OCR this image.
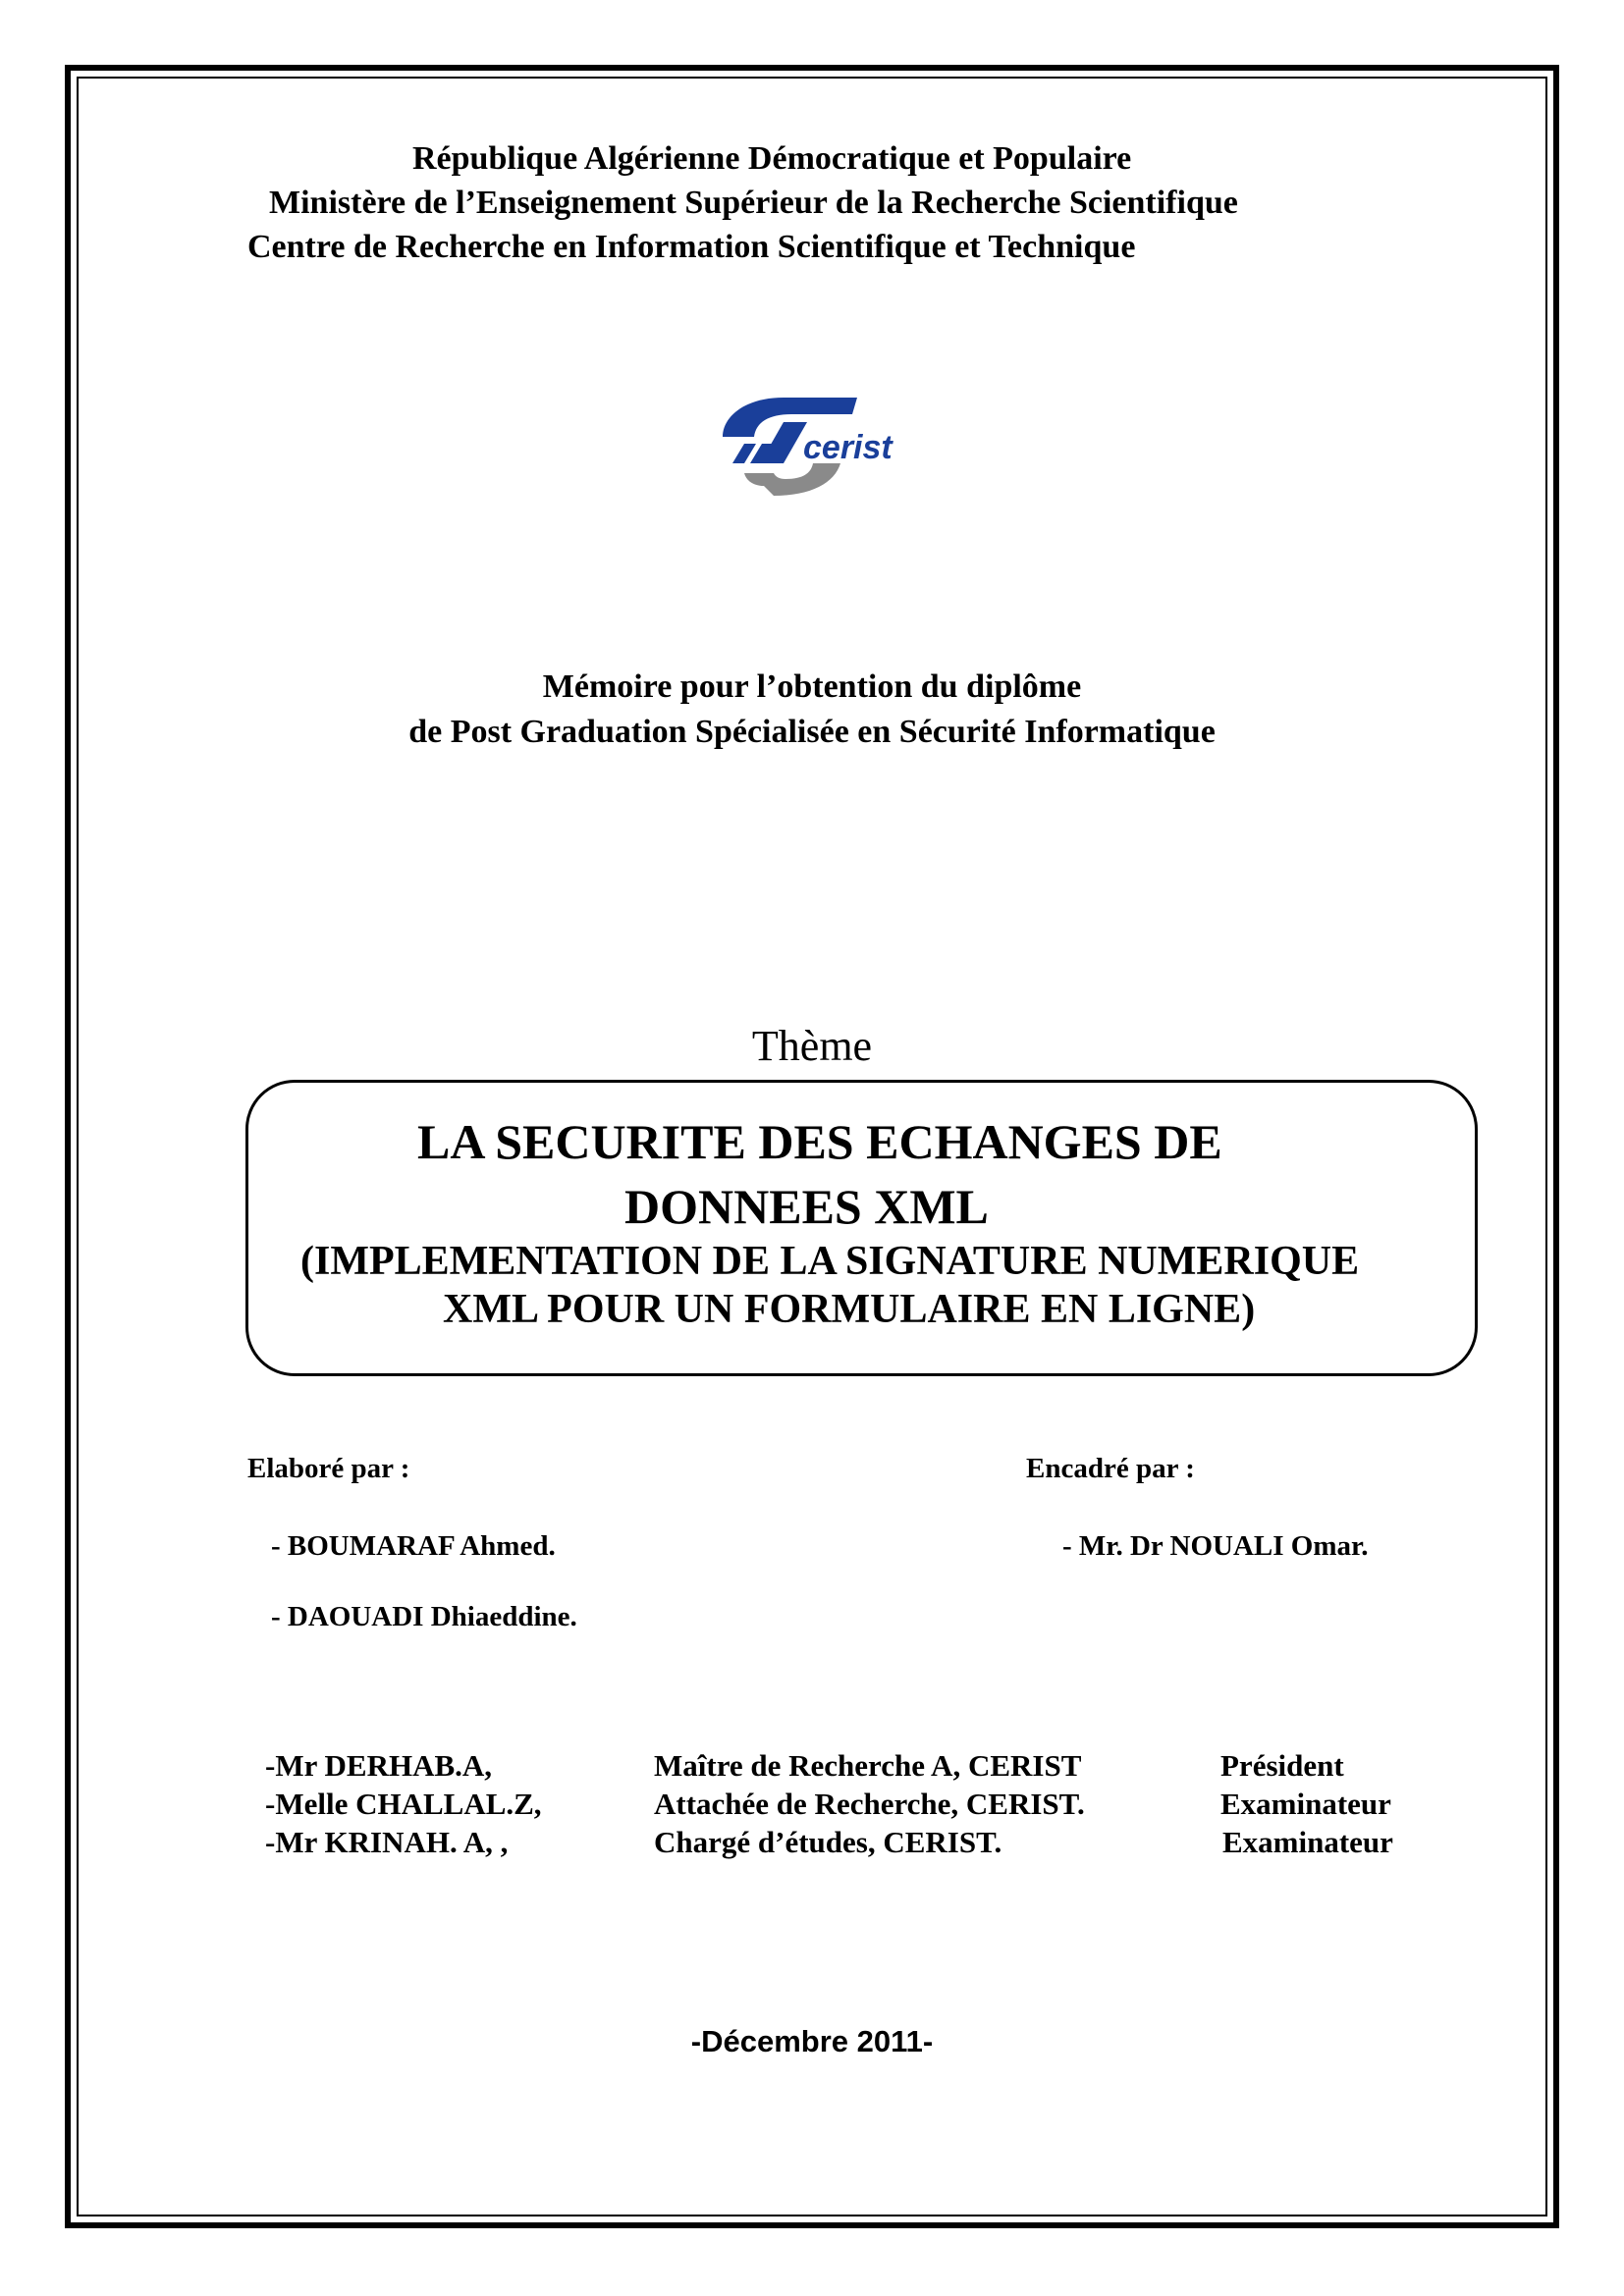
République Algérienne Démocratique et Populaire
Ministère de l’Enseignement Supérieur de la Recherche Scientifique
Centre de Recherche en Information Scientifique et Technique
cerist
Mémoire pour l’obtention du diplôme
de Post Graduation Spécialisée en Sécurité Informatique
Thème
LA SECURITE DES ECHANGES DE
DONNEES XML
(IMPLEMENTATION DE LA SIGNATURE NUMERIQUE
XML POUR UN FORMULAIRE EN LIGNE)
Elaboré par :	Encadré par :
- BOUMARAF Ahmed.	- Mr. Dr NOUALI Omar.
- DAOUADI Dhiaeddine.
-Mr DERHAB.A,	Maître de Recherche A, CERIST	Président
-Melle CHALLAL.Z,	Attachée de Recherche, CERIST.	Examinateur
-Mr KRINAH. A, ,	Chargé d’études, CERIST.	Examinateur
-Décembre 2011-
